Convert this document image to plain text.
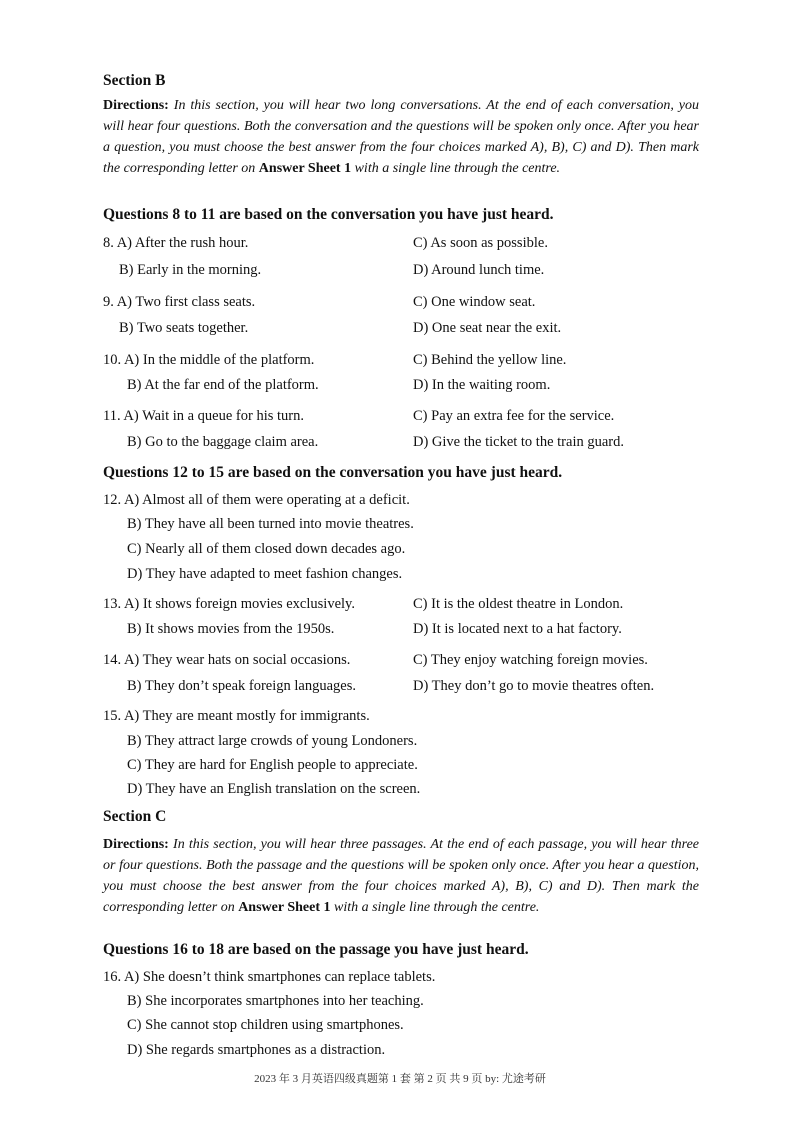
Section B
Directions: In this section, you will hear two long conversations. At the end of each conversation, you will hear four questions. Both the conversation and the questions will be spoken only once. After you hear a question, you must choose the best answer from the four choices marked A), B), C) and D). Then mark the corresponding letter on Answer Sheet 1 with a single line through the centre.
Questions 8 to 11 are based on the conversation you have just heard.
8. A) After the rush hour.	C) As soon as possible.
B) Early in the morning.	D) Around lunch time.
9. A) Two first class seats.	C) One window seat.
B) Two seats together.	D) One seat near the exit.
10. A) In the middle of the platform.	C) Behind the yellow line.
B) At the far end of the platform.	D) In the waiting room.
11. A) Wait in a queue for his turn.	C) Pay an extra fee for the service.
B) Go to the baggage claim area.	D) Give the ticket to the train guard.
Questions 12 to 15 are based on the conversation you have just heard.
12. A) Almost all of them were operating at a deficit.
B) They have all been turned into movie theatres.
C) Nearly all of them closed down decades ago.
D) They have adapted to meet fashion changes.
13. A) It shows foreign movies exclusively.	C) It is the oldest theatre in London.
B) It shows movies from the 1950s.	D) It is located next to a hat factory.
14. A) They wear hats on social occasions.	C) They enjoy watching foreign movies.
B) They don’t speak foreign languages.	D) They don’t go to movie theatres often.
15. A) They are meant mostly for immigrants.
B) They attract large crowds of young Londoners.
C) They are hard for English people to appreciate.
D) They have an English translation on the screen.
Section C
Directions: In this section, you will hear three passages. At the end of each passage, you will hear three or four questions. Both the passage and the questions will be spoken only once. After you hear a question, you must choose the best answer from the four choices marked A), B), C) and D). Then mark the corresponding letter on Answer Sheet 1 with a single line through the centre.
Questions 16 to 18 are based on the passage you have just heard.
16. A) She doesn’t think smartphones can replace tablets.
B) She incorporates smartphones into her teaching.
C) She cannot stop children using smartphones.
D) She regards smartphones as a distraction.
2023 年 3 月英语四级真题第 1 套 第 2 页 共 9 页 by: 尤途考研
